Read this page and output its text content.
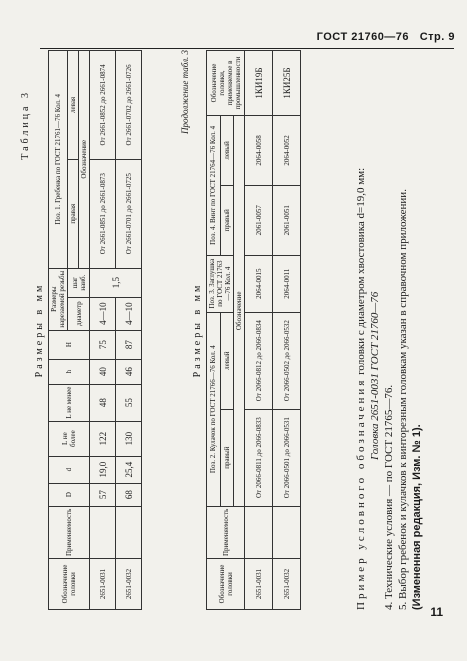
ГОСТ 21760—76 Стр. 9
Таблица 3
Размеры в мм
Обозначение головки	Применяемость	D	d	L не более	L не менее	h	H	Размеры нарезаемой резьбы		Поз. 1. Гребенка по ГОСТ 21761—76 Кол. 4	
								диаметр	шаг наиб.	правая	левая
										Обозначение	
2651-0031		57	19,0	122	48	40	75	4—10	1,5	От 2661-0851 до 2661-0873	От 2661-0852 до 2661-0874
2651-0032		68	25,4	130	55	46	87	4—10		От 2661-0701 до 2661-0725	От 2661-0702 до 2661-0726	Продолжение табл. 3
Размеры в мм
Обозначение головки	Применяемость	Поз. 2. Кулачок по ГОСТ 21766—76 Кол. 4		Поз. 3. Заглушка по ГОСТ 21763—76 Кол. 4	Поз. 4. Винт по ГОСТ 21764—76 Кол. 4		Обозначение головки, применяемое в промышленности
		правый	левый		правый	левый	
		Обозначение					
2651-0031		От 2066-0811 до 2066-0833	От 2066-0812 до 2066-0834	2064-0015	2061-0057	2064-0058	1КИ19Б
2651-0032		От 2066-0501 до 2066-0531	От 2066-0502 до 2066-0532	2064-0011	2061-0051	2064-0052	1КИ25Б
Пример условного обозначения головки с диаметром хвостовика d=19,0 мм:
Головка 2651-0031 ГОСТ 21760—76
4. Технические условия — по ГОСТ 21765—76. 5. Выбор гребенок и кулачков к винторезным головкам указан в справочном приложении. (Измененная редакция, Изм. № 1).
11
